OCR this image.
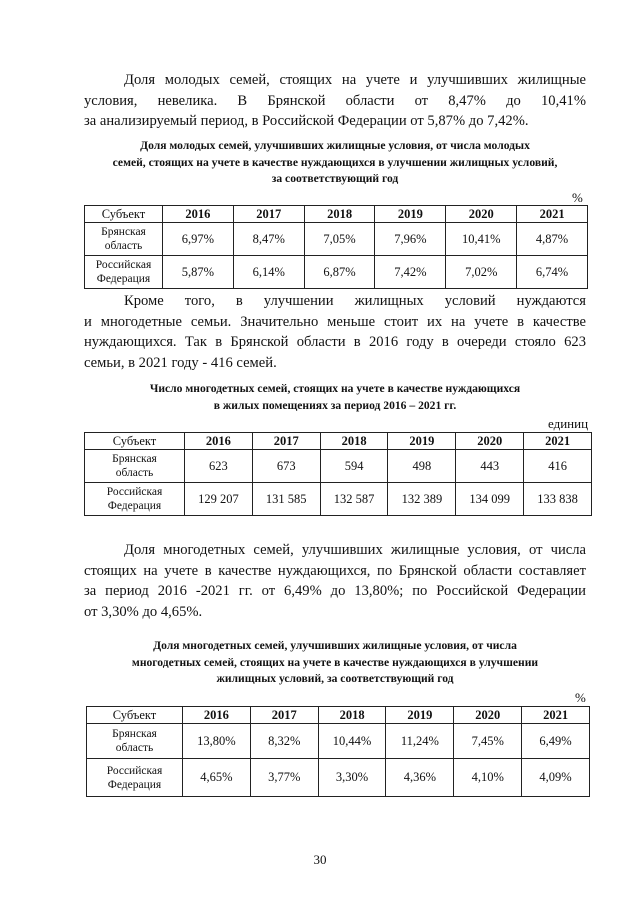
Доля молодых семей, стоящих на учете и улучшивших жилищные
условия, невелика. В Брянской области от 8,47% до 10,41%
за анализируемый период, в Российской Федерации от 5,87% до 7,42%.
Доля молодых семей, улучшивших жилищные условия, от числа молодых
семей, стоящих на учете в качестве нуждающихся в улучшении жилищных условий,
за соответствующий год
%
Субъект	2016	2017	2018	2019	2020	2021

Брянская
область	6,97%	8,47%	7,05%	7,96%	10,41%	4,87%

Российская
Федерация	5,87%	6,14%	6,87%	7,42%	7,02%	6,74%
Кроме того, в улучшении жилищных условий нуждаются
и многодетные семьи. Значительно меньше стоит их на учете в качестве
нуждающихся. Так в Брянской области в 2016 году в очереди стояло 623
семьи, в 2021 году - 416 семей.
Число многодетных семей, стоящих на учете в качестве нуждающихся
в жилых помещениях за период 2016 – 2021 гг.
единиц
Субъект	2016	2017	2018	2019	2020	2021

Брянская
область	623	673	594	498	443	416

Российская
Федерация	129 207	131 585	132 587	132 389	134 099	133 838
Доля многодетных семей, улучшивших жилищные условия, от числа
стоящих на учете в качестве нуждающихся, по Брянской области составляет
за период 2016 -2021 гг. от 6,49% до 13,80%; по Российской Федерации
от 3,30% до 4,65%.
Доля многодетных семей, улучшивших жилищные условия, от числа
многодетных семей, стоящих на учете в качестве нуждающихся в улучшении
жилищных условий, за соответствующий год
%
Субъект	2016	2017	2018	2019	2020	2021

Брянская
область	13,80%	8,32%	10,44%	11,24%	7,45%	6,49%

Российская
Федерация	4,65%	3,77%	3,30%	4,36%	4,10%	4,09%
30
